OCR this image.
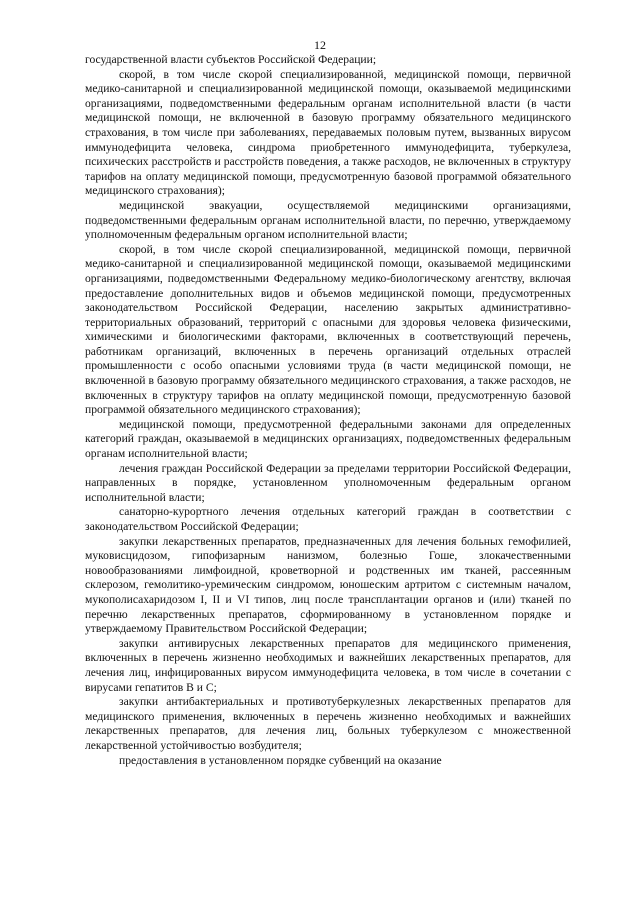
12

государственной власти субъектов Российской Федерации;

скорой, в том числе скорой специализированной, медицинской помощи, первичной медико-санитарной и специализированной медицинской помощи, оказываемой медицинскими организациями, подведомственными федеральным органам исполнительной власти (в части медицинской помощи, не включенной в базовую программу обязательного медицинского страхования, в том числе при заболеваниях, передаваемых половым путем, вызванных вирусом иммунодефицита человека, синдрома приобретенного иммунодефицита, туберкулеза, психических расстройств и расстройств поведения, а также расходов, не включенных в структуру тарифов на оплату медицинской помощи, предусмотренную базовой программой обязательного медицинского страхования);

медицинской эвакуации, осуществляемой медицинскими организациями, подведомственными федеральным органам исполнительной власти, по перечню, утверждаемому уполномоченным федеральным органом исполнительной власти;

скорой, в том числе скорой специализированной, медицинской помощи, первичной медико-санитарной и специализированной медицинской помощи, оказываемой медицинскими организациями, подведомственными Федеральному медико-биологическому агентству, включая предоставление дополнительных видов и объемов медицинской помощи, предусмотренных законодательством Российской Федерации, населению закрытых административно-территориальных образований, территорий с опасными для здоровья человека физическими, химическими и биологическими факторами, включенных в соответствующий перечень, работникам организаций, включенных в перечень организаций отдельных отраслей промышленности с особо опасными условиями труда (в части медицинской помощи, не включенной в базовую программу обязательного медицинского страхования, а также расходов, не включенных в структуру тарифов на оплату медицинской помощи, предусмотренную базовой программой обязательного медицинского страхования);

медицинской помощи, предусмотренной федеральными законами для определенных категорий граждан, оказываемой в медицинских организациях, подведомственных федеральным органам исполнительной власти;

лечения граждан Российской Федерации за пределами территории Российской Федерации, направленных в порядке, установленном уполномоченным федеральным органом исполнительной власти;

санаторно-курортного лечения отдельных категорий граждан в соответствии с законодательством Российской Федерации;

закупки лекарственных препаратов, предназначенных для лечения больных гемофилией, муковисцидозом, гипофизарным нанизмом, болезнью Гоше, злокачественными новообразованиями лимфоидной, кроветворной и родственных им тканей, рассеянным склерозом, гемолитико-уремическим синдромом, юношеским артритом с системным началом, мукополисахаридозом I, II и VI типов, лиц после трансплантации органов и (или) тканей по перечню лекарственных препаратов, сформированному в установленном порядке и утверждаемому Правительством Российской Федерации;

закупки антивирусных лекарственных препаратов для медицинского применения, включенных в перечень жизненно необходимых и важнейших лекарственных препаратов, для лечения лиц, инфицированных вирусом иммунодефицита человека, в том числе в сочетании с вирусами гепатитов B и C;

закупки антибактериальных и противотуберкулезных лекарственных препаратов для медицинского применения, включенных в перечень жизненно необходимых и важнейших лекарственных препаратов, для лечения лиц, больных туберкулезом с множественной лекарственной устойчивостью возбудителя;

предоставления в установленном порядке субвенций на оказание
